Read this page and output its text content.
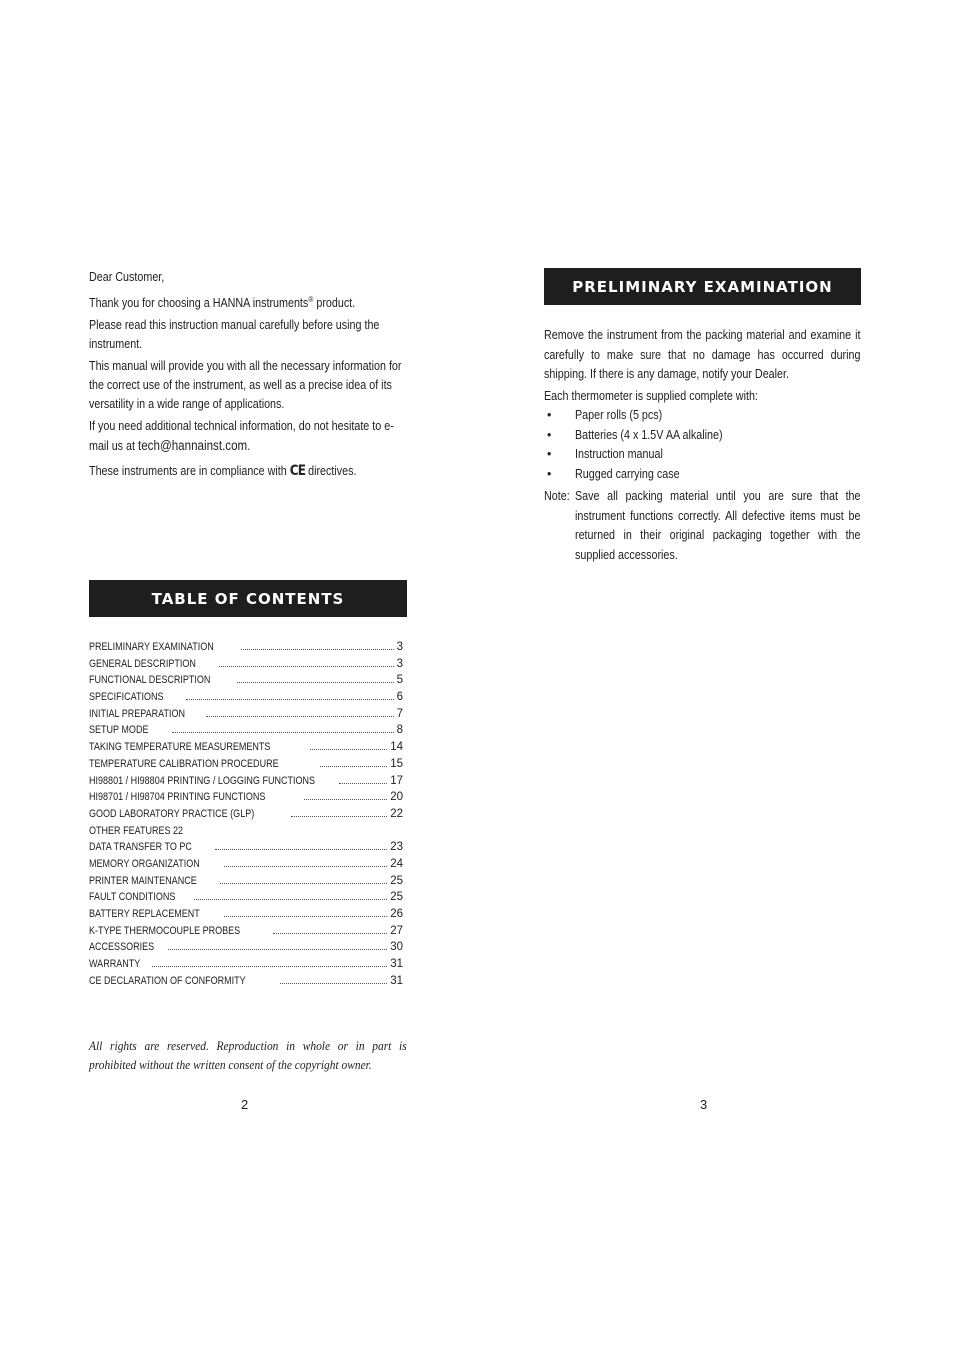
Dear Customer,

Thank you for choosing a HANNA instruments® product.

Please read this instruction manual carefully before using the instrument.

This manual will provide you with all the necessary information for the correct use of the instrument, as well as a precise idea of its versatility in a wide range of applications.

If you need additional technical information, do not hesitate to e-mail us at tech@hannainst.com.

These instruments are in compliance with CE directives.

TABLE OF CONTENTS
PRELIMINARY EXAMINATION	3
GENERAL DESCRIPTION	3
FUNCTIONAL DESCRIPTION	5
SPECIFICATIONS	6
INITIAL PREPARATION	7
SETUP MODE	8
TAKING TEMPERATURE MEASUREMENTS	14
TEMPERATURE CALIBRATION PROCEDURE	15
HI98801 / HI98804 PRINTING / LOGGING FUNCTIONS	17
HI98701 / HI98704 PRINTING FUNCTIONS	20
GOOD LABORATORY PRACTICE (GLP)	22
OTHER FEATURES 22
DATA TRANSFER TO PC	23
MEMORY ORGANIZATION	24
PRINTER MAINTENANCE	25
FAULT CONDITIONS	25
BATTERY REPLACEMENT	26
K-TYPE THERMOCOUPLE PROBES	27
ACCESSORIES	30
WARRANTY	31
CE DECLARATION OF CONFORMITY	31
All rights are reserved. Reproduction in whole or in part is prohibited without the written consent of the copyright owner.
2
PRELIMINARY EXAMINATION

Remove the instrument from the packing material and examine it carefully to make sure that no damage has occurred during shipping. If there is any damage, notify your Dealer.

Each thermometer is supplied complete with:

• Paper rolls (5 pcs)
• Batteries (4 x 1.5V AA alkaline)
• Instruction manual
• Rugged carrying case
Note: Save all packing material until you are sure that the instrument functions correctly. All defective items must be returned in their original packaging together with the supplied accessories.
3
